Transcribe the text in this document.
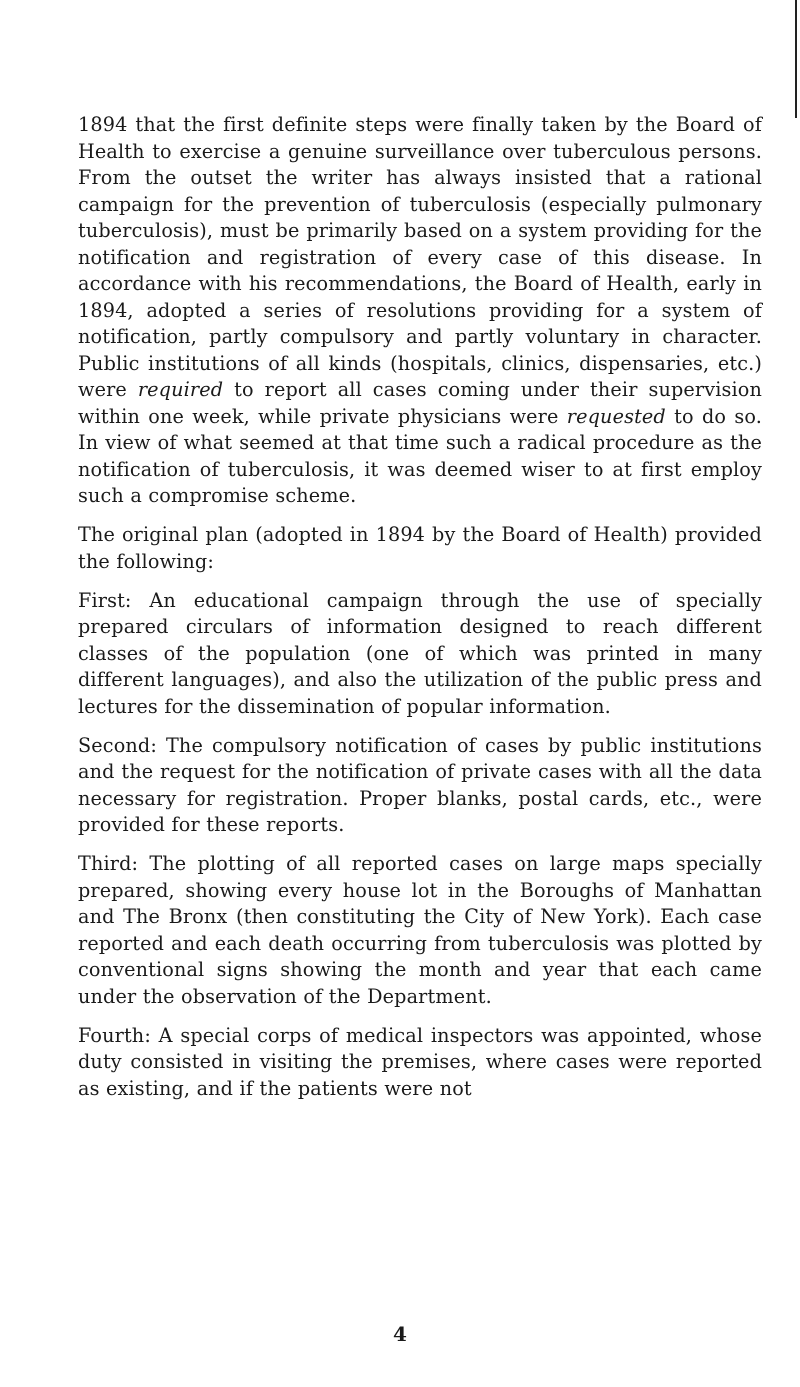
1894 that the first definite steps were finally taken by the Board of Health to exercise a genuine surveillance over tuberculous persons. From the outset the writer has always insisted that a rational campaign for the prevention of tuberculosis (especially pulmonary tuberculosis), must be primarily based on a system providing for the notification and registration of every case of this disease. In accordance with his recommendations, the Board of Health, early in 1894, adopted a series of resolutions providing for a system of notification, partly compulsory and partly voluntary in character. Public institutions of all kinds (hospitals, clinics, dispensaries, etc.) were required to report all cases coming under their supervision within one week, while private physicians were requested to do so. In view of what seemed at that time such a radical procedure as the notification of tuberculosis, it was deemed wiser to at first employ such a compromise scheme.

The original plan (adopted in 1894 by the Board of Health) provided the following:

First: An educational campaign through the use of specially prepared circulars of information designed to reach different classes of the population (one of which was printed in many different languages), and also the utilization of the public press and lectures for the dissemination of popular information.

Second: The compulsory notification of cases by public institutions and the request for the notification of private cases with all the data necessary for registration. Proper blanks, postal cards, etc., were provided for these reports.

Third: The plotting of all reported cases on large maps specially prepared, showing every house lot in the Boroughs of Manhattan and The Bronx (then constituting the City of New York). Each case reported and each death occurring from tuberculosis was plotted by conventional signs showing the month and year that each came under the observation of the Department.

Fourth: A special corps of medical inspectors was appointed, whose duty consisted in visiting the premises, where cases were reported as existing, and if the patients were not

4
